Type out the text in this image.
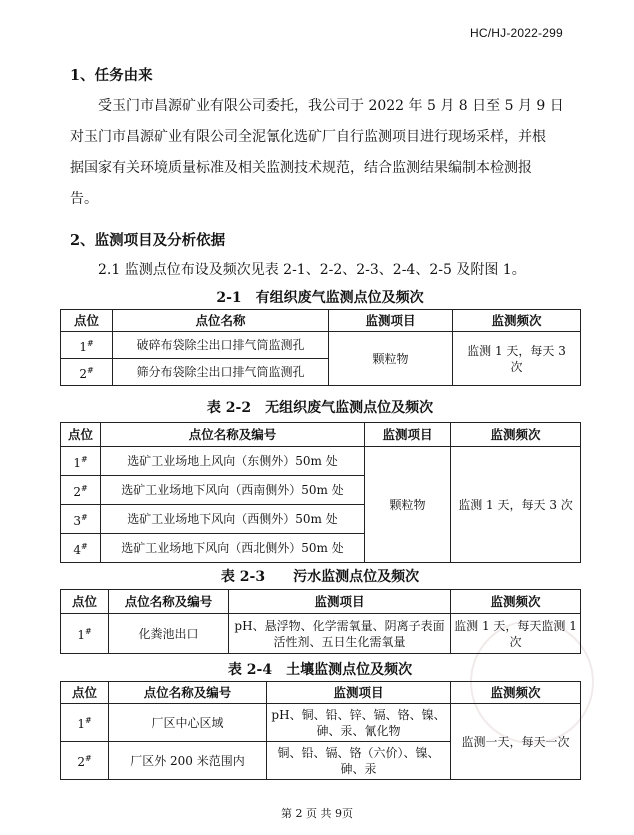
HC/HJ-2022-299
1、任务由来
受玉门市昌源矿业有限公司委托，我公司于 2022 年 5 月 8 日至 5 月 9 日
对玉门市昌源矿业有限公司全泥氰化选矿厂自行监测项目进行现场采样，并根
据国家有关环境质量标准及相关监测技术规范，结合监测结果编制本检测报
告。
2、监测项目及分析依据
2.1 监测点位布设及频次见表 2-1、2-2、2-3、2-4、2-5 及附图 1。
2-1　有组织废气监测点位及频次
点位	点位名称	监测项目	监测频次
1#	破碎布袋除尘出口排气筒监测孔	颗粒物	监测 1 天，每天 3 次
2#	筛分布袋除尘出口排气筒监测孔		
表 2-2　无组织废气监测点位及频次
点位	点位名称及编号	监测项目	监测频次
1#	选矿工业场地上风向（东侧外）50m 处	颗粒物	监测 1 天，每天 3 次
2#	选矿工业场地下风向（西南侧外）50m 处		
3#	选矿工业场地下风向（西侧外）50m 处		
4#	选矿工业场地下风向（西北侧外）50m 处		
表 2-3　　污水监测点位及频次
点位	点位名称及编号	监测项目	监测频次
1#	化粪池出口	pH、悬浮物、化学需氧量、阴离子表面活性剂、五日生化需氧量	监测 1 天，每天监测 1 次
表 2-4　土壤监测点位及频次
点位	点位名称及编号	监测项目	监测频次
1#	厂区中心区域	pH、铜、铅、锌、镉、铬、镍、砷、汞、氰化物	监测一天，每天一次
2#	厂区外 200 米范围内	铜、铅、镉、铬（六价）、镍、砷、汞	
第 2 页 共 9页
